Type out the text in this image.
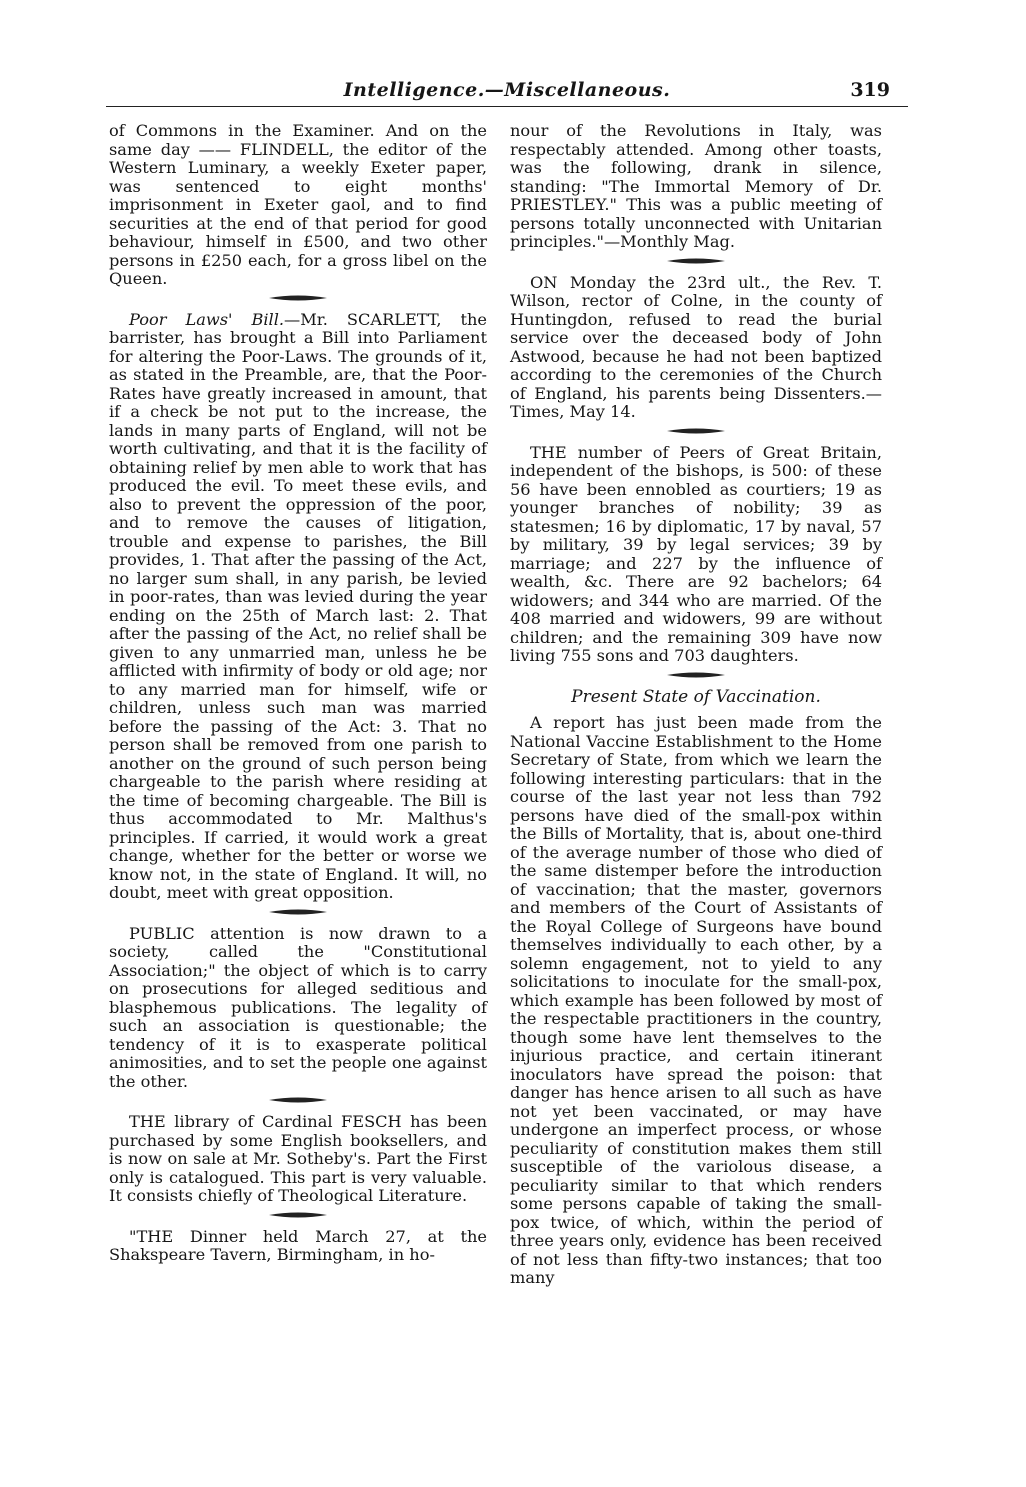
Intelligence.—Miscellaneous.	319

of Commons in the Examiner. And on the same day —— FLINDELL, the editor of the Western Luminary, a weekly Exeter paper, was sentenced to eight months' imprisonment in Exeter gaol, and to find securities at the end of that period for good behaviour, himself in £500, and two other persons in £250 each, for a gross libel on the Queen.

Poor Laws' Bill.—Mr. SCARLETT, the barrister, has brought a Bill into Parliament for altering the Poor-Laws. The grounds of it, as stated in the Preamble, are, that the Poor-Rates have greatly increased in amount, that if a check be not put to the increase, the lands in many parts of England, will not be worth cultivating, and that it is the facility of obtaining relief by men able to work that has produced the evil. To meet these evils, and also to prevent the oppression of the poor, and to remove the causes of litigation, trouble and expense to parishes, the Bill provides, 1. That after the passing of the Act, no larger sum shall, in any parish, be levied in poor-rates, than was levied during the year ending on the 25th of March last: 2. That after the passing of the Act, no relief shall be given to any unmarried man, unless he be afflicted with infirmity of body or old age; nor to any married man for himself, wife or children, unless such man was married before the passing of the Act: 3. That no person shall be removed from one parish to another on the ground of such person being chargeable to the parish where residing at the time of becoming chargeable. The Bill is thus accommodated to Mr. Malthus's principles. If carried, it would work a great change, whether for the better or worse we know not, in the state of England. It will, no doubt, meet with great opposition.

PUBLIC attention is now drawn to a society, called the "Constitutional Association;" the object of which is to carry on prosecutions for alleged seditious and blasphemous publications. The legality of such an association is questionable; the tendency of it is to exasperate political animosities, and to set the people one against the other.

THE library of Cardinal FESCH has been purchased by some English booksellers, and is now on sale at Mr. Sotheby's. Part the First only is catalogued. This part is very valuable. It consists chiefly of Theological Literature.

"THE Dinner held March 27, at the Shakspeare Tavern, Birmingham, in ho-

nour of the Revolutions in Italy, was respectably attended. Among other toasts, was the following, drank in silence, standing: "The Immortal Memory of Dr. PRIESTLEY." This was a public meeting of persons totally unconnected with Unitarian principles."—Monthly Mag.

ON Monday the 23rd ult., the Rev. T. Wilson, rector of Colne, in the county of Huntingdon, refused to read the burial service over the deceased body of John Astwood, because he had not been baptized according to the ceremonies of the Church of England, his parents being Dissenters.—Times, May 14.

THE number of Peers of Great Britain, independent of the bishops, is 500: of these 56 have been ennobled as courtiers; 19 as younger branches of nobility; 39 as statesmen; 16 by diplomatic, 17 by naval, 57 by military, 39 by legal services; 39 by marriage; and 227 by the influence of wealth, &c. There are 92 bachelors; 64 widowers; and 344 who are married. Of the 408 married and widowers, 99 are without children; and the remaining 309 have now living 755 sons and 703 daughters.

Present State of Vaccination.

A report has just been made from the National Vaccine Establishment to the Home Secretary of State, from which we learn the following interesting particulars: that in the course of the last year not less than 792 persons have died of the small-pox within the Bills of Mortality, that is, about one-third of the average number of those who died of the same distemper before the introduction of vaccination; that the master, governors and members of the Court of Assistants of the Royal College of Surgeons have bound themselves individually to each other, by a solemn engagement, not to yield to any solicitations to inoculate for the small-pox, which example has been followed by most of the respectable practitioners in the country, though some have lent themselves to the injurious practice, and certain itinerant inoculators have spread the poison: that danger has hence arisen to all such as have not yet been vaccinated, or may have undergone an imperfect process, or whose peculiarity of constitution makes them still susceptible of the variolous disease, a peculiarity similar to that which renders some persons capable of taking the small-pox twice, of which, within the period of three years only, evidence has been received of not less than fifty-two instances; that too many
